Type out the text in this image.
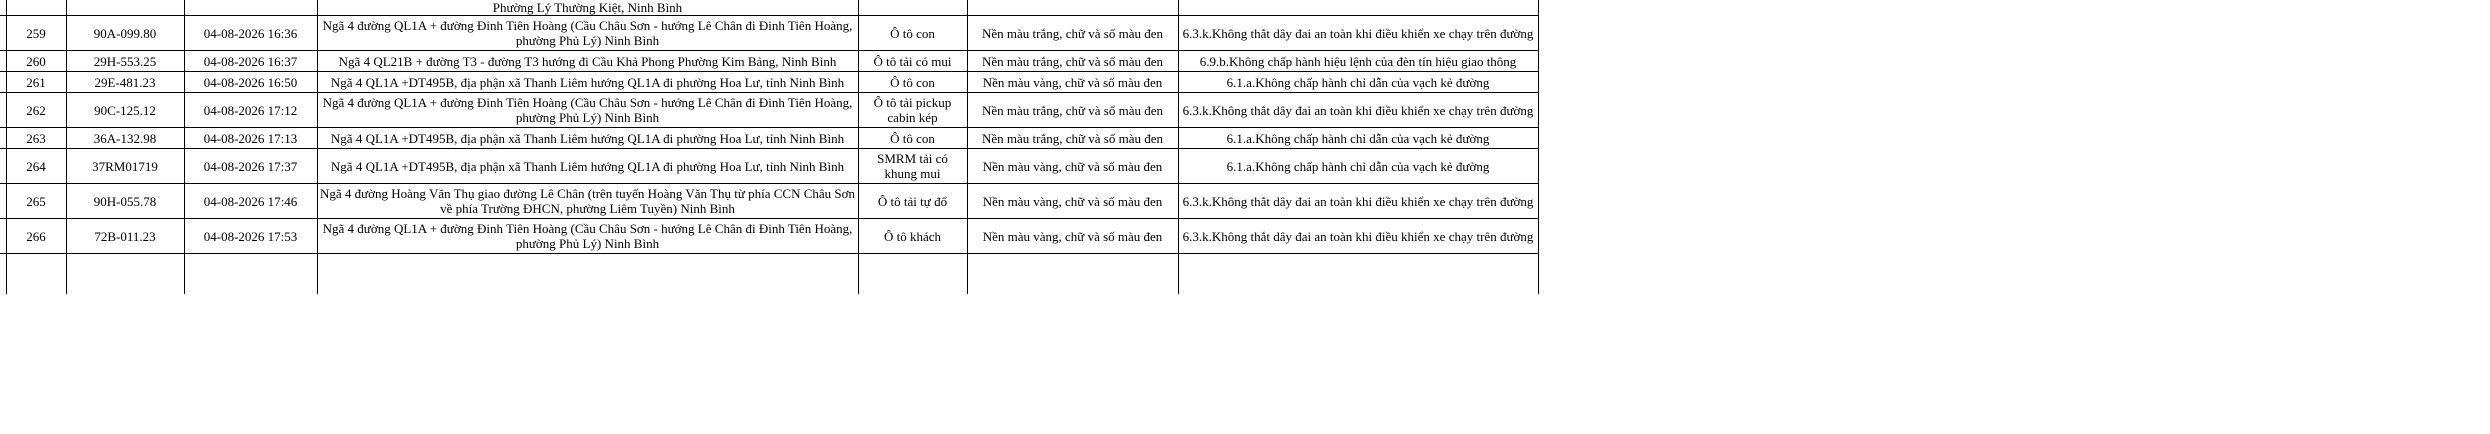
				Phường Lý Thường Kiệt, Ninh Bình			
	259	90A-099.80	04-08-2026 16:36	Ngã 4 đường QL1A + đường Đinh Tiên Hoàng (Cầu Châu Sơn - hướng Lê Chân đi Đinh Tiên Hoàng, phường Phủ Lý) Ninh Bình	Ô tô con	Nền màu trắng, chữ và số màu đen	6.3.k.Không thắt dây đai an toàn khi điều khiển xe chạy trên đường
	260	29H-553.25	04-08-2026 16:37	Ngã 4 QL21B + đường T3 - đường T3 hướng đi Cầu Khả Phong Phường Kim Bảng, Ninh Bình	Ô tô tải có mui	Nền màu trắng, chữ và số màu đen	6.9.b.Không chấp hành hiệu lệnh của đèn tín hiệu giao thông
	261	29E-481.23	04-08-2026 16:50	Ngã 4 QL1A +DT495B, địa phận xã Thanh Liêm hướng QL1A đi phường Hoa Lư, tỉnh Ninh Bình	Ô tô con	Nền màu vàng, chữ và số màu đen	6.1.a.Không chấp hành chỉ dẫn của vạch kẻ đường
	262	90C-125.12	04-08-2026 17:12	Ngã 4 đường QL1A + đường Đinh Tiên Hoàng (Cầu Châu Sơn - hướng Lê Chân đi Đinh Tiên Hoàng, phường Phủ Lý) Ninh Bình	Ô tô tải pickup cabin kép	Nền màu trắng, chữ và số màu đen	6.3.k.Không thắt dây đai an toàn khi điều khiển xe chạy trên đường
	263	36A-132.98	04-08-2026 17:13	Ngã 4 QL1A +DT495B, địa phận xã Thanh Liêm hướng QL1A đi phường Hoa Lư, tỉnh Ninh Bình	Ô tô con	Nền màu trắng, chữ và số màu đen	6.1.a.Không chấp hành chỉ dẫn của vạch kẻ đường
	264	37RM01719	04-08-2026 17:37	Ngã 4 QL1A +DT495B, địa phận xã Thanh Liêm hướng QL1A đi phường Hoa Lư, tỉnh Ninh Bình	SMRM tải có khung mui	Nền màu vàng, chữ và số màu đen	6.1.a.Không chấp hành chỉ dẫn của vạch kẻ đường
	265	90H-055.78	04-08-2026 17:46	Ngã 4 đường Hoàng Văn Thụ giao đường Lê Chân (trên tuyến Hoàng Văn Thụ từ phía CCN Châu Sơn về phía Trường ĐHCN, phường Liêm Tuyền) Ninh Bình	Ô tô tải tự đổ	Nền màu vàng, chữ và số màu đen	6.3.k.Không thắt dây đai an toàn khi điều khiển xe chạy trên đường
	266	72B-011.23	04-08-2026 17:53	Ngã 4 đường QL1A + đường Đinh Tiên Hoàng (Cầu Châu Sơn - hướng Lê Chân đi Đinh Tiên Hoàng, phường Phủ Lý) Ninh Bình	Ô tô khách	Nền màu vàng, chữ và số màu đen	6.3.k.Không thắt dây đai an toàn khi điều khiển xe chạy trên đường
